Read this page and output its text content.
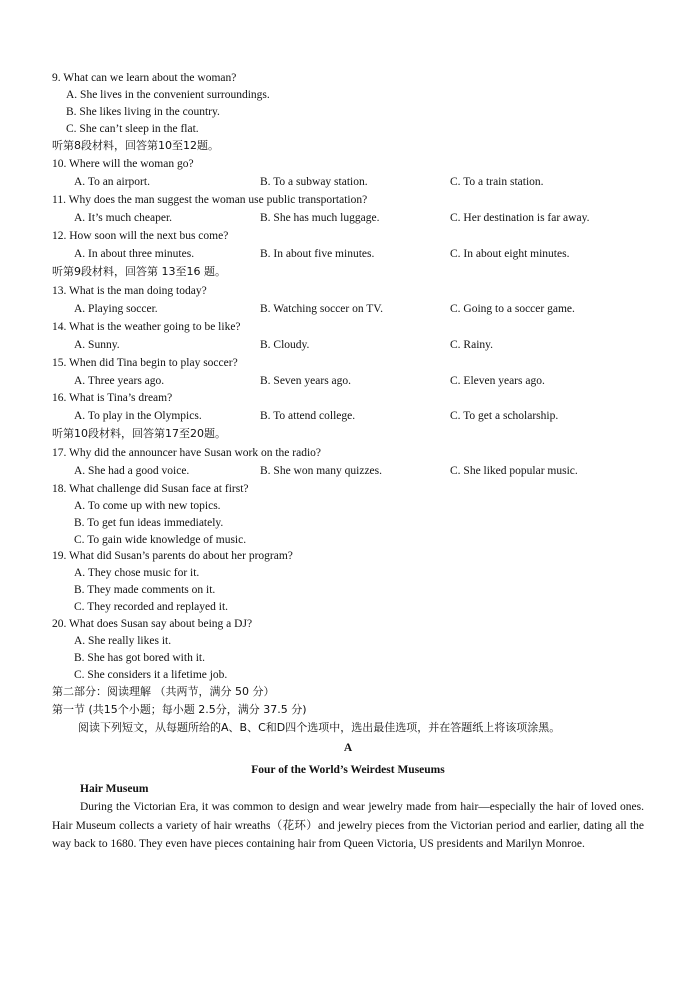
9. What can we learn about the woman?
A. She lives in the convenient surroundings.
B. She likes living in the country.
C. She can’t sleep in the flat.
听第8段材料，回答第10至12题。
10. Where will the woman go?
A. To an airport.	B. To a subway station.	C. To a train station.
11. Why does the man suggest the woman use public transportation?
A. It’s much cheaper.	B. She has much luggage.	C. Her destination is far away.
12. How soon will the next bus come?
A. In about three minutes.	B. In about five minutes.	C. In about eight minutes.
听第9段材料，回答第 13至16 题。
13. What is the man doing today?
A. Playing soccer.	B. Watching soccer on TV.	C. Going to a soccer game.
14. What is the weather going to be like?
A. Sunny.	B. Cloudy.	C. Rainy.
15. When did Tina begin to play soccer?
A. Three years ago.	B. Seven years ago.	C. Eleven years ago.
16. What is Tina’s dream?
A. To play in the Olympics.	B. To attend college.	C. To get a scholarship.
听第10段材料，回答第17至20题。
17. Why did the announcer have Susan work on the radio?
A. She had a good voice.	B. She won many quizzes.	C. She liked popular music.
18. What challenge did Susan face at first?
A. To come up with new topics.
B. To get fun ideas immediately.
C. To gain wide knowledge of music.
19. What did Susan’s parents do about her program?
A. They chose music for it.
B. They made comments on it.
C. They recorded and replayed it.
20. What does Susan say about being a DJ?
A. She really likes it.
B. She has got bored with it.
C. She considers it a lifetime job.
第二部分：阅读理解 （共两节，满分 50 分）
第一节 (共15个小题；每小题 2.5分，满分 37.5 分)
阅读下列短文，从每题所给的A、B、C和D四个选项中，选出最佳选项，并在答题纸上将该项涂黑。
A
Four of the World’s Weirdest Museums
Hair Museum
During the Victorian Era, it was common to design and wear jewelry made from hair—especially the hair of loved ones. Hair Museum collects a variety of hair wreaths（花环）and jewelry pieces from the Victorian period and earlier, dating all the way back to 1680. They even have pieces containing hair from Queen Victoria, US presidents and Marilyn Monroe.
